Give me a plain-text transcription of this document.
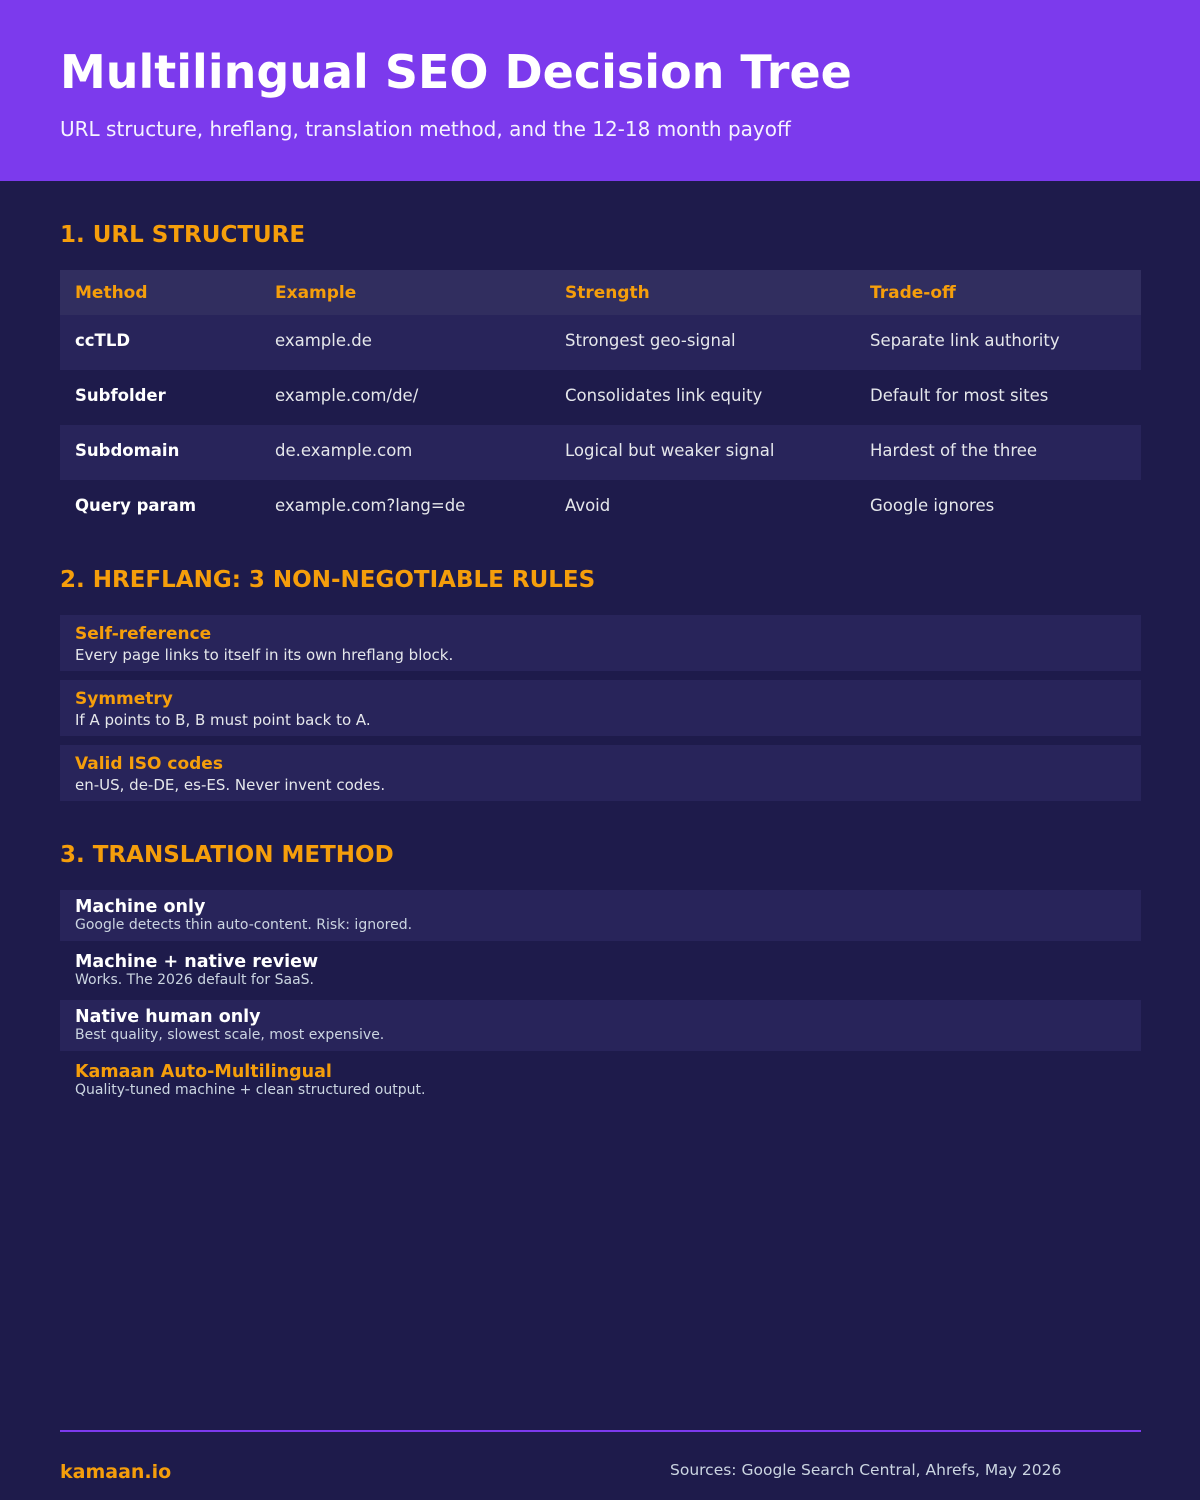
Multilingual SEO Decision Tree
URL structure, hreflang, translation method, and the 12-18 month payoff
1. URL STRUCTURE
Method	Example	Strength	Trade-off
ccTLD	example.de	Strongest geo-signal	Separate link authority
Subfolder	example.com/de/	Consolidates link equity	Default for most sites
Subdomain	de.example.com	Logical but weaker signal	Hardest of the three
Query param	example.com?lang=de	Avoid	Google ignores
2. HREFLANG: 3 NON-NEGOTIABLE RULES
Self-reference
Every page links to itself in its own hreflang block.
Symmetry
If A points to B, B must point back to A.
Valid ISO codes
en-US, de-DE, es-ES. Never invent codes.
3. TRANSLATION METHOD
Machine only
Google detects thin auto-content. Risk: ignored.
Machine + native review
Works. The 2026 default for SaaS.
Native human only
Best quality, slowest scale, most expensive.
Kamaan Auto-Multilingual
Quality-tuned machine + clean structured output.
kamaan.io	Sources: Google Search Central, Ahrefs, May 2026
